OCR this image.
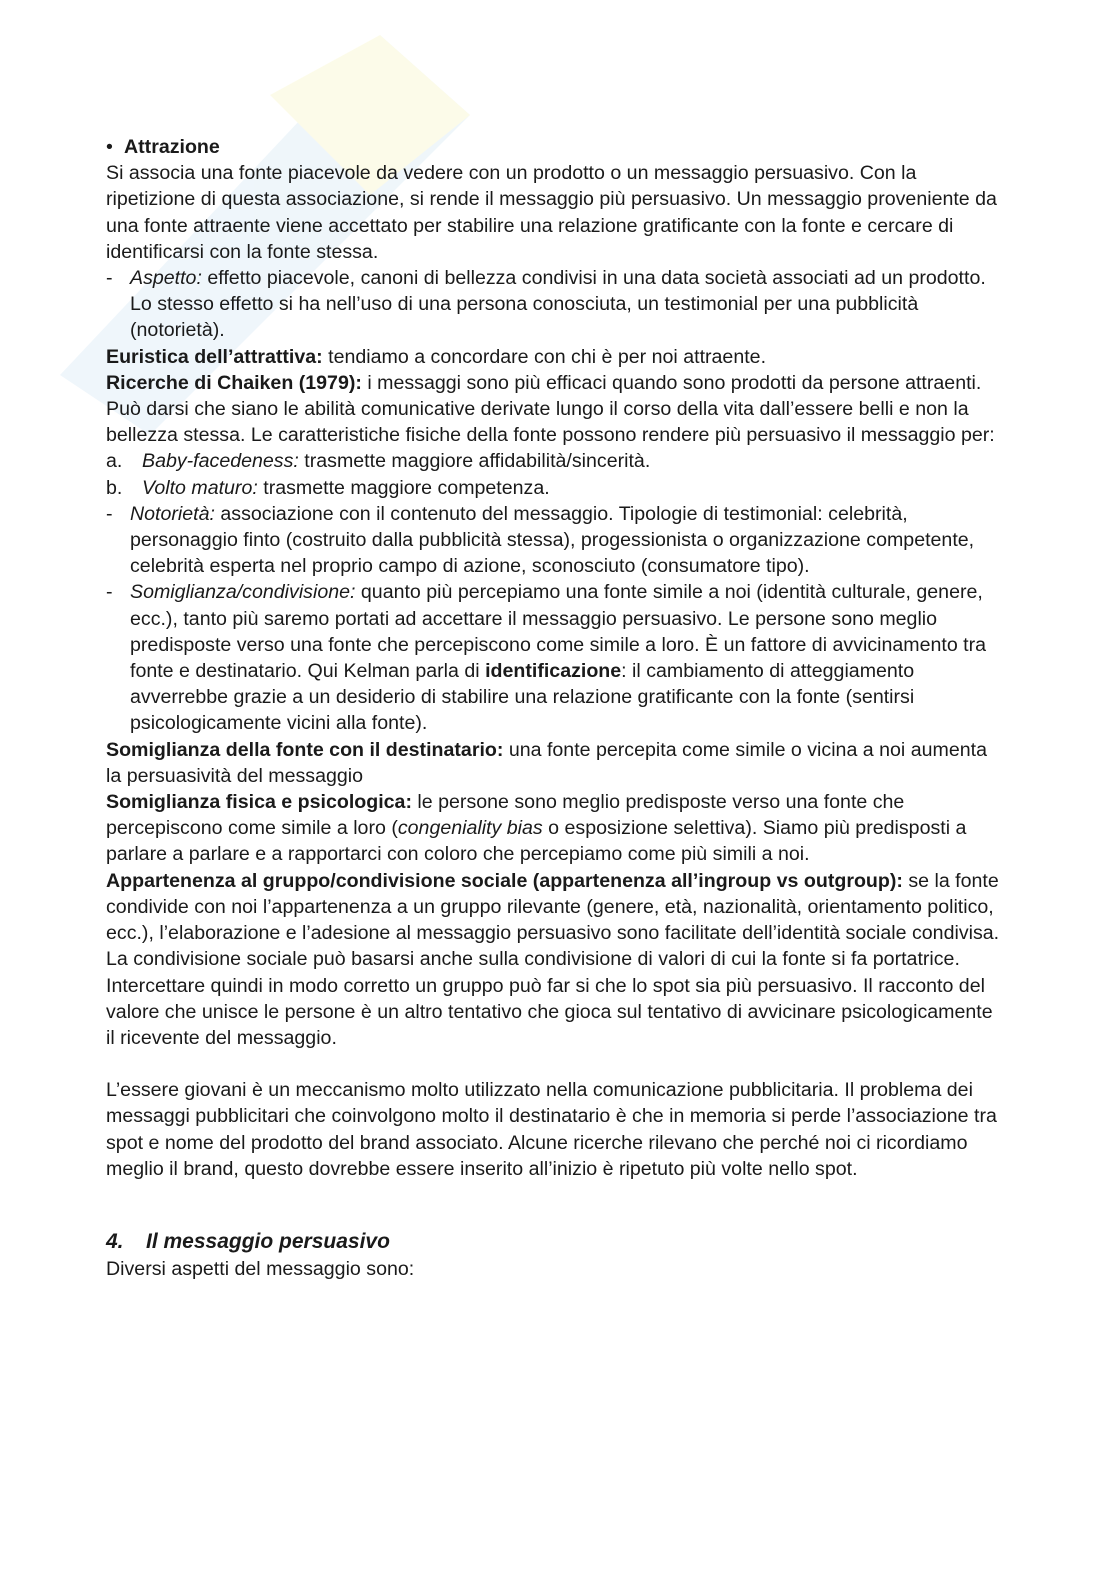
• Attrazione

Si associa una fonte piacevole da vedere con un prodotto o un messaggio persuasivo. Con la ripetizione di questa associazione, si rende il messaggio più persuasivo. Un messaggio proveniente da una fonte attraente viene accettato per stabilire una relazione gratificante con la fonte e cercare di identificarsi con la fonte stessa.

- Aspetto: effetto piacevole, canoni di bellezza condivisi in una data società associati ad un prodotto. Lo stesso effetto si ha nell’uso di una persona conosciuta, un testimonial per una pubblicità (notorietà).

Euristica dell’attrattiva: tendiamo a concordare con chi è per noi attraente.

Ricerche di Chaiken (1979): i messaggi sono più efficaci quando sono prodotti da persone attraenti. Può darsi che siano le abilità comunicative derivate lungo il corso della vita dall’essere belli e non la bellezza stessa. Le caratteristiche fisiche della fonte possono rendere più persuasivo il messaggio per:

a.	Baby-facedeness: trasmette maggiore affidabilità/sincerità.
b.	Volto maturo: trasmette maggiore competenza.
- Notorietà: associazione con il contenuto del messaggio. Tipologie di testimonial: celebrità, personaggio finto (costruito dalla pubblicità stessa), progessionista o organizzazione competente, celebrità esperta nel proprio campo di azione, sconosciuto (consumatore tipo).
- Somiglianza/condivisione: quanto più percepiamo una fonte simile a noi (identità culturale, genere, ecc.), tanto più saremo portati ad accettare il messaggio persuasivo. Le persone sono meglio predisposte verso una fonte che percepiscono come simile a loro. È un fattore di avvicinamento tra fonte e destinatario. Qui Kelman parla di identificazione: il cambiamento di atteggiamento avverrebbe grazie a un desiderio di stabilire una relazione gratificante con la fonte (sentirsi psicologicamente vicini alla fonte).

Somiglianza della fonte con il destinatario: una fonte percepita come simile o vicina a noi aumenta la persuasività del messaggio

Somiglianza fisica e psicologica: le persone sono meglio predisposte verso una fonte che percepiscono come simile a loro (congeniality bias o esposizione selettiva). Siamo più predisposti a parlare a parlare e a rapportarci con coloro che percepiamo come più simili a noi.

Appartenenza al gruppo/condivisione sociale (appartenenza all’ingroup vs outgroup): se la fonte condivide con noi l’appartenenza a un gruppo rilevante (genere, età, nazionalità, orientamento politico, ecc.), l’elaborazione e l’adesione al messaggio persuasivo sono facilitate dell’identità sociale condivisa. La condivisione sociale può basarsi anche sulla condivisione di valori di cui la fonte si fa portatrice. Intercettare quindi in modo corretto un gruppo può far si che lo spot sia più persuasivo. Il racconto del valore che unisce le persone è un altro tentativo che gioca sul tentativo di avvicinare psicologicamente il ricevente del messaggio.

L’essere giovani è un meccanismo molto utilizzato nella comunicazione pubblicitaria. Il problema dei messaggi pubblicitari che coinvolgono molto il destinatario è che in memoria si perde l’associazione tra spot e nome del prodotto del brand associato. Alcune ricerche rilevano che perché noi ci ricordiamo meglio il brand, questo dovrebbe essere inserito all’inizio è ripetuto più volte nello spot.

4.	Il messaggio persuasivo

Diversi aspetti del messaggio sono:
